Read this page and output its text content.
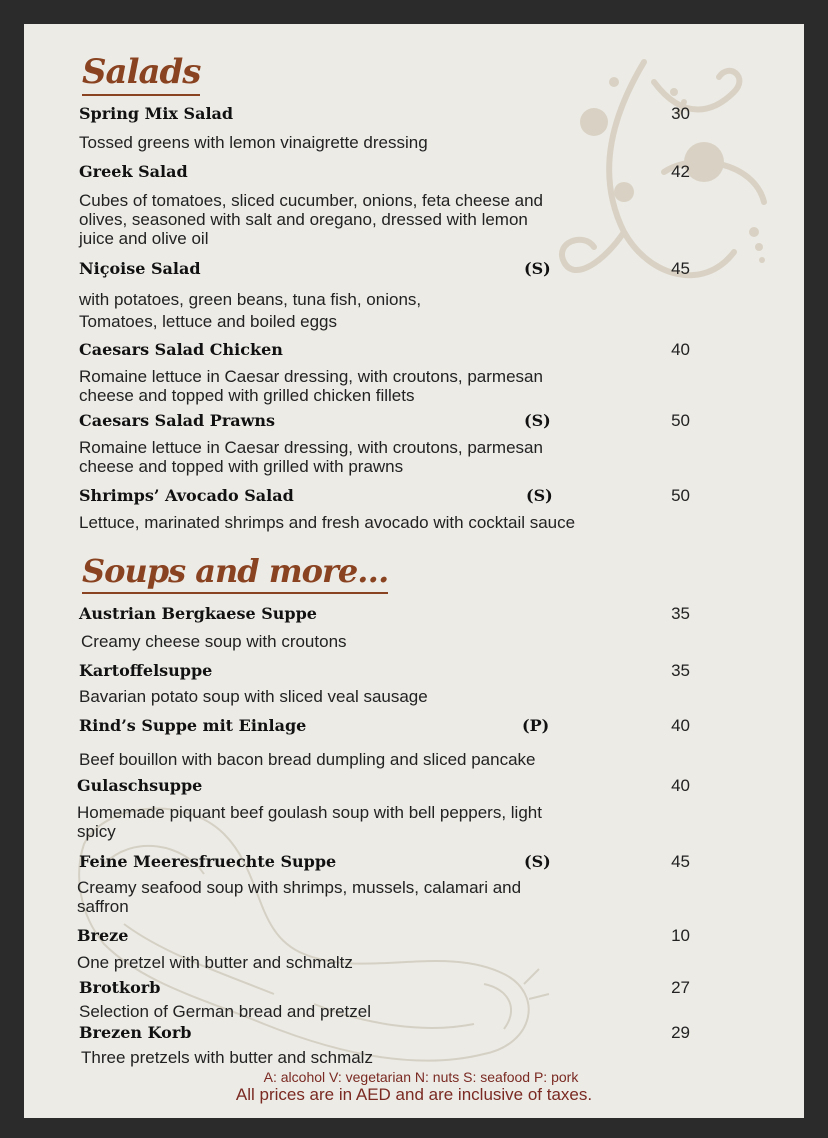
Salads
Spring Mix Salad	30
Tossed greens with lemon vinaigrette dressing
Greek Salad	42
Cubes of tomatoes, sliced cucumber, onions, feta cheese and olives, seasoned with salt and oregano, dressed with lemon juice and olive oil
Niçoise Salad	(S)	45
with potatoes, green beans, tuna fish, onions, Tomatoes, lettuce and boiled eggs
Caesars Salad Chicken	40
Romaine lettuce in Caesar dressing, with croutons, parmesan cheese and topped with grilled chicken fillets
Caesars Salad Prawns	(S)	50
Romaine lettuce in Caesar dressing, with croutons, parmesan cheese and topped with grilled with prawns
Shrimps’ Avocado Salad	(S)	50
Lettuce, marinated shrimps and fresh avocado with cocktail sauce
Soups and more…
Austrian Bergkaese Suppe	35
Creamy cheese soup with croutons
Kartoffelsuppe	35
Bavarian potato soup with sliced veal sausage
Rind’s Suppe mit Einlage	(P)	40
Beef bouillon with bacon bread dumpling and sliced pancake
Gulaschsuppe	40
Homemade piquant beef goulash soup with bell peppers, light spicy
Feine Meeresfruechte Suppe	(S)	45
Creamy seafood soup with shrimps, mussels, calamari and saffron
Breze	10
One pretzel with butter and schmaltz
Brotkorb	27
Selection of German bread and pretzel
Brezen Korb	29
Three pretzels with butter and schmalz
A: alcohol V: vegetarian N: nuts S: seafood P: pork
All prices are in AED and are inclusive of taxes.
